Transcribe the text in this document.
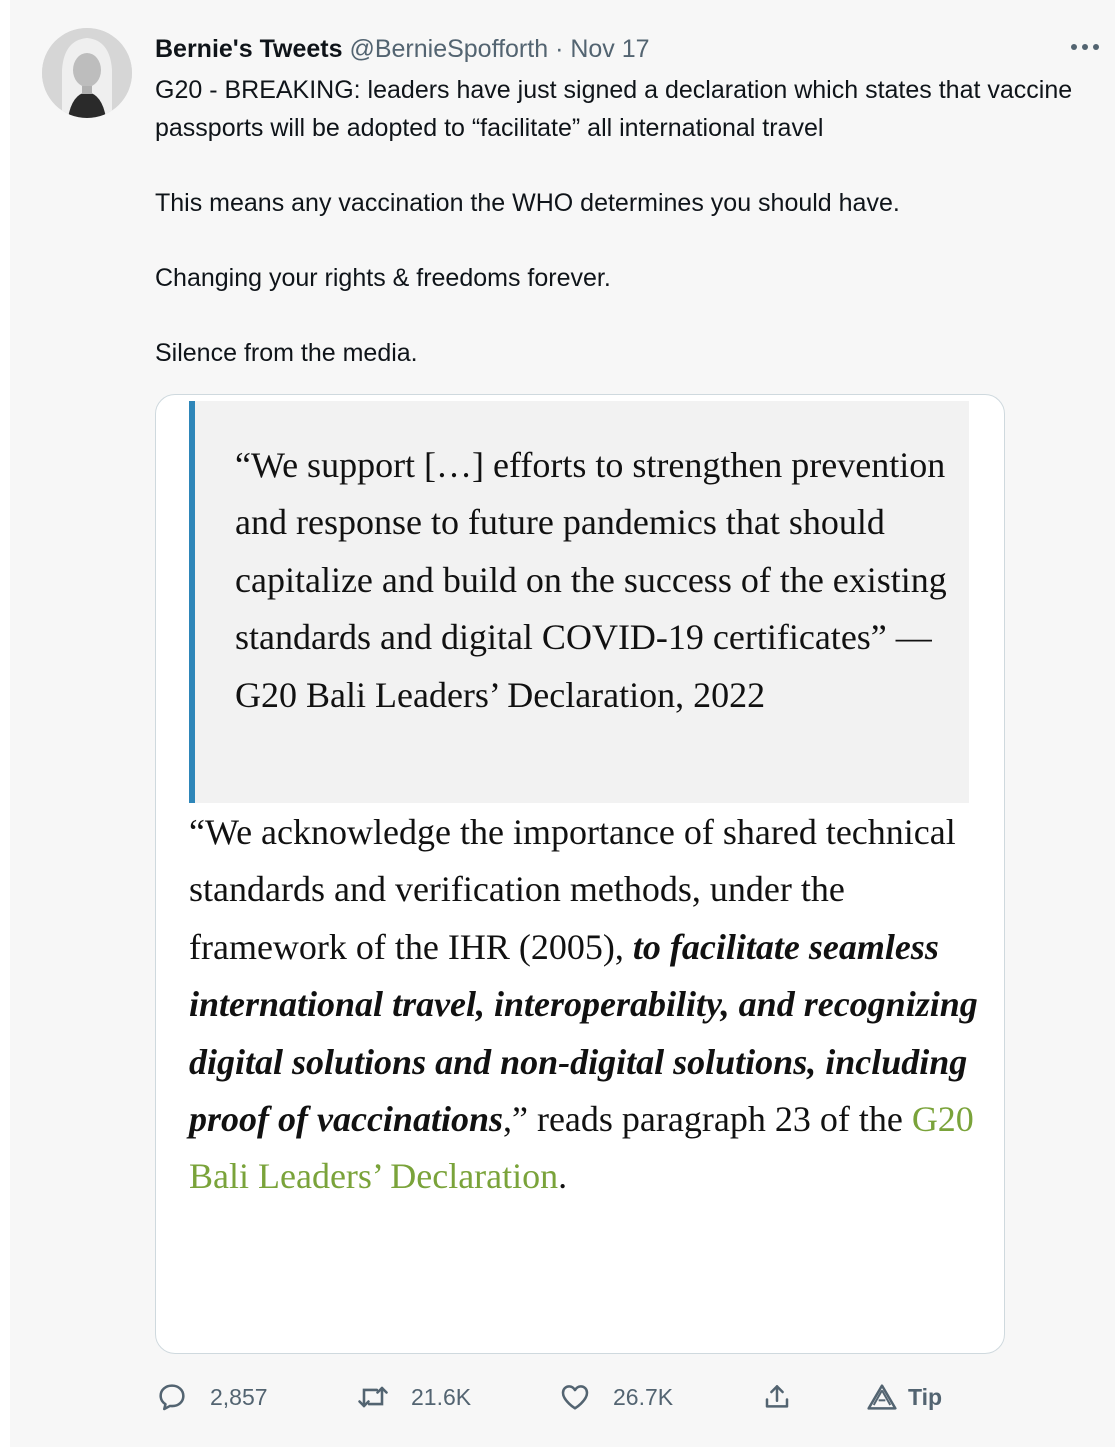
Bernie's Tweets @BernieSpofforth · Nov 17

G20 - BREAKING: leaders have just signed a declaration which states that vaccine passports will be adopted to “facilitate” all international travel

This means any vaccination the WHO determines you should have.

Changing your rights & freedoms forever.

Silence from the media.

“We support […] efforts to strengthen prevention and response to future pandemics that should capitalize and build on the success of the existing standards and digital COVID-19 certificates” — G20 Bali Leaders’ Declaration, 2022
“We acknowledge the importance of shared technical standards and verification methods, under the framework of the IHR (2005), to facilitate seamless international travel, interoperability, and recognizing digital solutions and non-digital solutions, including proof of vaccinations,” reads paragraph 23 of the G20 Bali Leaders’ Declaration.
2,857	21.6K	26.7K	Tip
